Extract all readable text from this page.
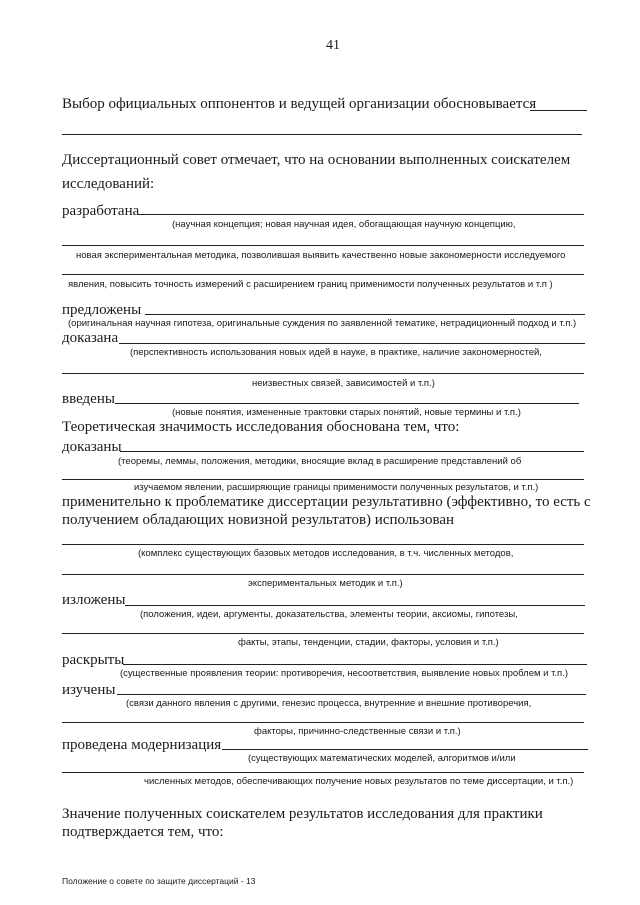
41
Выбор официальных оппонентов и ведущей организации обосновывается
Диссертационный совет отмечает, что на основании выполненных соискателем
исследований:
разработана
(научная концепция; новая научная идея, обогащающая научную концепцию,
новая экспериментальная методика, позволившая выявить качественно новые закономерности исследуемого
явления, повысить точность измерений с расширением границ применимости полученных результатов и т.п )
предложены
(оригинальная научная гипотеза, оригинальные суждения по заявленной тематике, нетрадиционный подход и т.п.)
доказана
(перспективность использования новых идей в науке, в практике, наличие закономерностей,
неизвестных связей, зависимостей и т.п.)
введены
(новые понятия, измененные трактовки старых понятий, новые термины и т.п.)
Теоретическая значимость исследования обоснована тем, что:
доказаны
(теоремы, леммы, положения, методики, вносящие вклад в расширение представлений об
изучаемом явлении, расширяющие границы применимости полученных результатов, и т.п.)
применительно к проблематике диссертации результативно (эффективно, то есть с
получением обладающих новизной результатов) использован
(комплекс существующих базовых методов исследования, в т.ч. численных методов,
экспериментальных методик и т.п.)
изложены
(положения, идеи, аргументы, доказательства, элементы теории, аксиомы, гипотезы,
факты, этапы, тенденции, стадии, факторы, условия и т.п.)
раскрыты
(существенные проявления теории: противоречия, несоответствия, выявление новых проблем и т.п.)
изучены
(связи данного явления с другими, генезис процесса, внутренние и внешние противоречия,
факторы, причинно-следственные связи и т.п.)
проведена модернизация
(существующих математических моделей, алгоритмов и/или
численных методов, обеспечивающих получение новых результатов по теме диссертации, и т.п.)
Значение полученных соискателем результатов исследования для практики
подтверждается тем, что:
Положение о совете по защите диссертаций - 13
